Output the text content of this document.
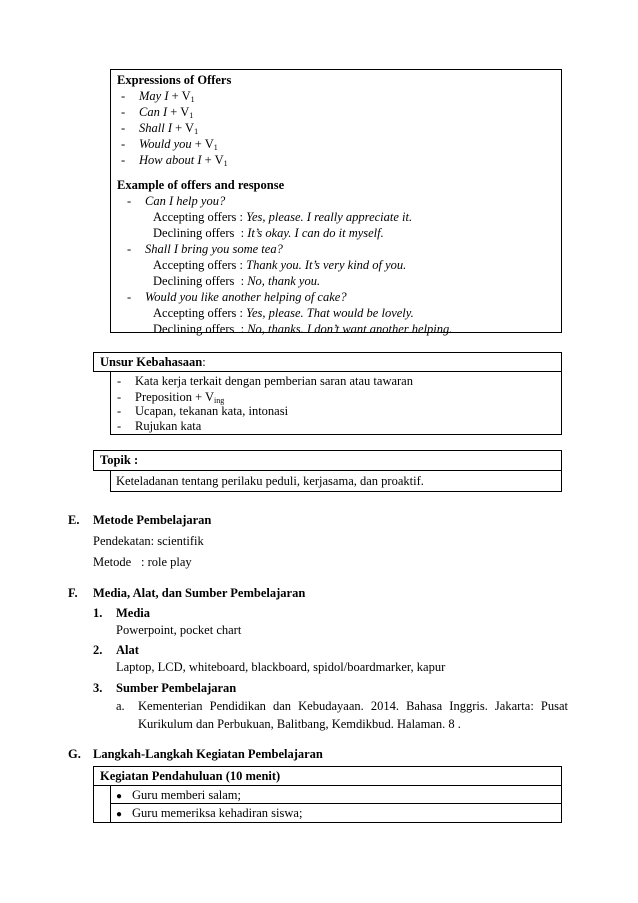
Expressions of Offers
- May $I + V_1$
- Can $I + V_1$
- Shall $I + V_1$
- Would you + $V_1$
- How about $I + V_1$
Example of offers and response
- Can I help you?
Accepting offers : Yes, please. I really appreciate it.
Declining offers  : It’s okay. I can do it myself.
- Shall I bring you some tea?
Accepting offers : Thank you. It’s very kind of you.
Declining offers  : No, thank you.
- Would you like another helping of cake?
Accepting offers : Yes, please. That would be lovely.
Declining offers  : No, thanks. I don’t want another helping.
Unsur Kebahasaan:
- Kata kerja terkait dengan pemberian saran atau tawaran
- Preposition + $V_{ing}$
- Ucapan, tekanan kata, intonasi
- Rujukan kata
Topik :
Keteladanan tentang perilaku peduli, kerjasama, dan proaktif.
E. Metode Pembelajaran
Pendekatan: scientifik
Metode : role play
F. Media, Alat, dan Sumber Pembelajaran
1. Media
Powerpoint, pocket chart
2. Alat
Laptop, LCD, whiteboard, blackboard, spidol/boardmarker, kapur
3. Sumber Pembelajaran
a. Kementerian Pendidikan dan Kebudayaan. 2014. Bahasa Inggris. Jakarta: Pusat
Kurikulum dan Perbukuan, Balitbang, Kemdikbud. Halaman. 8 .
G. Langkah-Langkah Kegiatan Pembelajaran
Kegiatan Pendahuluan (10 menit)
● Guru memberi salam;
● Guru memeriksa kehadiran siswa;
